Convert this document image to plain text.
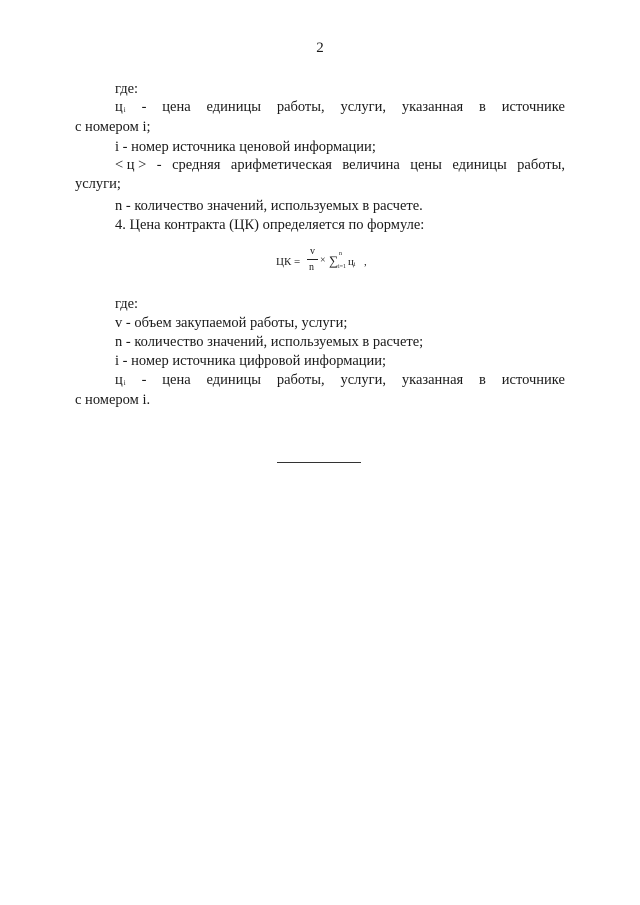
2
где:
цi - цена единицы работы, услуги, указанная в источнике
с номером i;
i - номер источника ценовой информации;
< ц > - средняя арифметическая величина цены единицы работы,
услуги;
n - количество значений, используемых в расчете.
4. Цена контракта (ЦК) определяется по формуле:
ЦК =
v
n
× ∑ n
i=1 цi ,
где:
v - объем закупаемой работы, услуги;
n - количество значений, используемых в расчете;
i - номер источника цифровой информации;
цi - цена единицы работы, услуги, указанная в источнике
с номером i.
